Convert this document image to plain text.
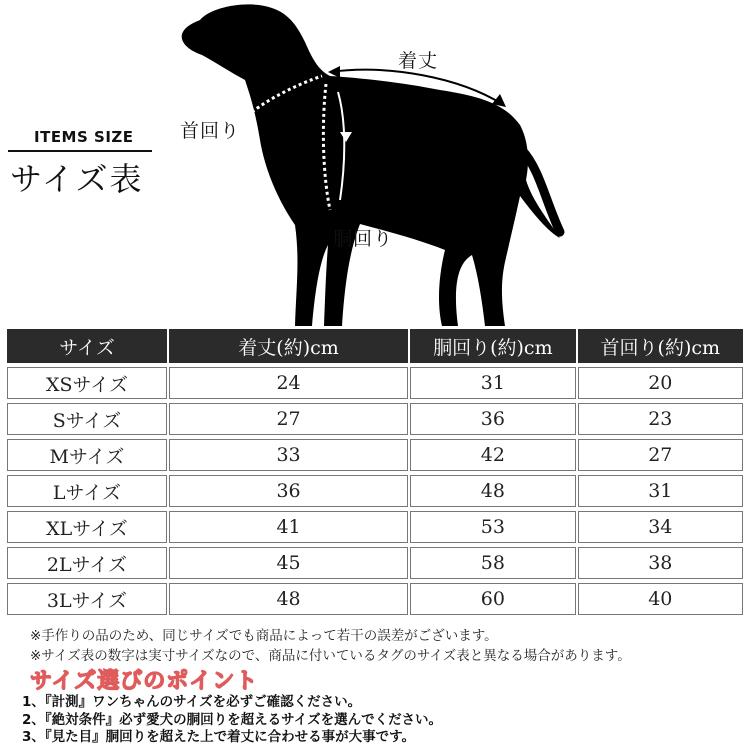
着丈
首回り
胴回り
ITEMS SIZE
サイズ表
サイズ	着丈(約)cm	胴回り(約)cm	首回り(約)cm
XSサイズ	24	31	20
Sサイズ	27	36	23
Mサイズ	33	42	27
Lサイズ	36	48	31
XLサイズ	41	53	34
2Lサイズ	45	58	38
3Lサイズ	48	60	40
※手作りの品のため、同じサイズでも商品によって若干の誤差がございます。
※サイズ表の数字は実寸サイズなので、商品に付いているタグのサイズ表と異なる場合があります。
サイズ選びのポイント
1、『計測』ワンちゃんのサイズを必ずご確認ください。
2、『絶対条件』必ず愛犬の胴回りを超えるサイズを選んでください。
3、『見た目』胴回りを超えた上で着丈に合わせる事が大事です。
